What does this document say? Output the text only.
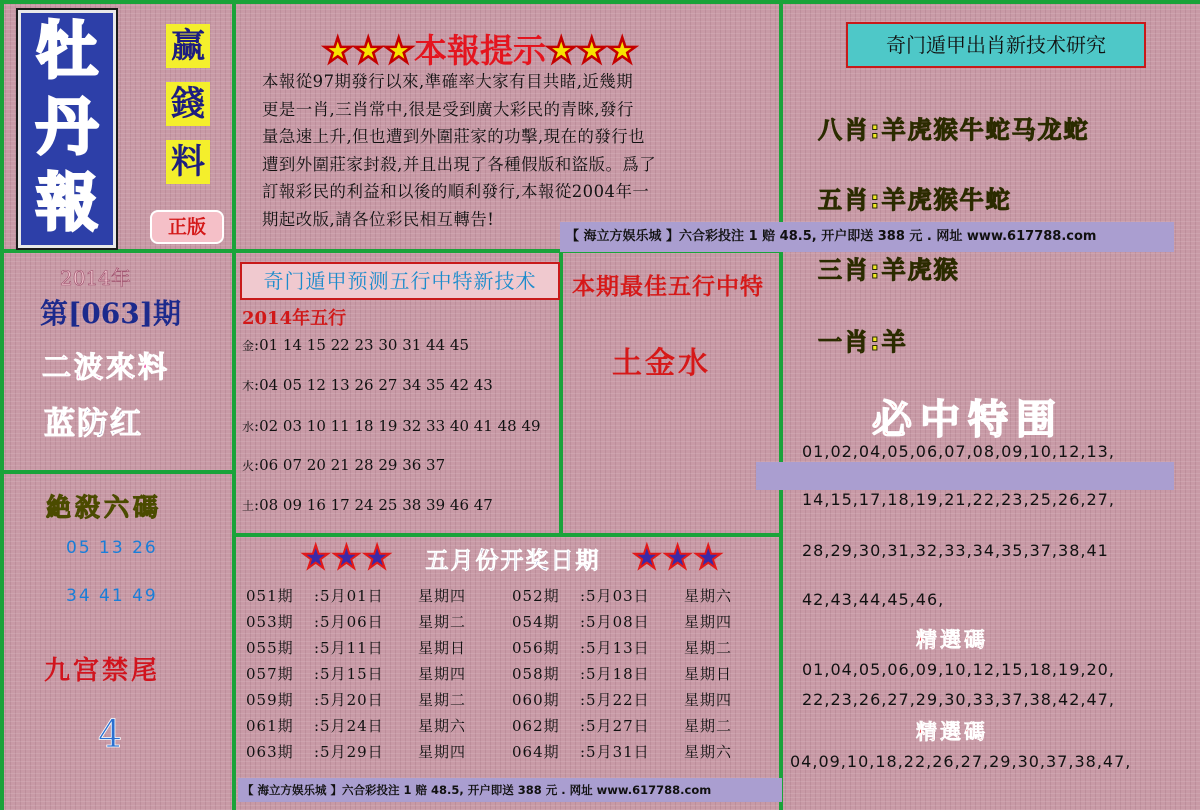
牡
丹
報
赢
錢
料
正版
★★★本報提示★★★
本報從97期發行以來,準確率大家有目共睹,近幾期
更是一肖,三肖常中,很是受到廣大彩民的青睞,發行
量急速上升,但也遭到外圍莊家的功擊,現在的發行也
遭到外圍莊家封殺,并且出現了各種假版和盜版。爲了
訂報彩民的利益和以後的順利發行,本報從2004年一
期起改版,請各位彩民相互轉告!
【 海立方娱乐城 】六合彩投注 1 赔 48.5, 开户即送 388 元 . 网址 www.617788.com
2014年
第[063]期
二波來料
蓝防红
絶殺六碼
05 13 26
34 41 49
九宫禁尾
4
奇门遁甲预测五行中特新技术
2014年五行
金:01 14 15 22 23 30 31 44 45
木:04 05 12 13 26 27 34 35 42 43
水:02 03 10 11 18 19 32 33 40 41 48 49
火:06 07 20 21 28 29 36 37
土:08 09 16 17 24 25 38 39 46 47
本期最佳五行中特
土金水
★★★ 五月份开奖日期 ★★★
051期 :5月01日 星期四
053期 :5月06日 星期二
055期 :5月11日 星期日
057期 :5月15日 星期四
059期 :5月20日 星期二
061期 :5月24日 星期六
063期 :5月29日 星期四
052期 :5月03日 星期六
054期 :5月08日 星期四
056期 :5月13日 星期二
058期 :5月18日 星期日
060期 :5月22日 星期四
062期 :5月27日 星期二
064期 :5月31日 星期六
【 海立方娱乐城 】六合彩投注 1 赔 48.5, 开户即送 388 元 . 网址 www.617788.com
奇门遁甲出肖新技术研究
八肖:羊虎猴牛蛇马龙蛇
五肖:羊虎猴牛蛇
三肖:羊虎猴
一肖:羊
必中特围
01,02,04,05,06,07,08,09,10,12,13,
14,15,17,18,19,21,22,23,25,26,27,
28,29,30,31,32,33,34,35,37,38,41
42,43,44,45,46,
精選碼
01,04,05,06,09,10,12,15,18,19,20,
22,23,26,27,29,30,33,37,38,42,47,
精選碼
04,09,10,18,22,26,27,29,30,37,38,47,
